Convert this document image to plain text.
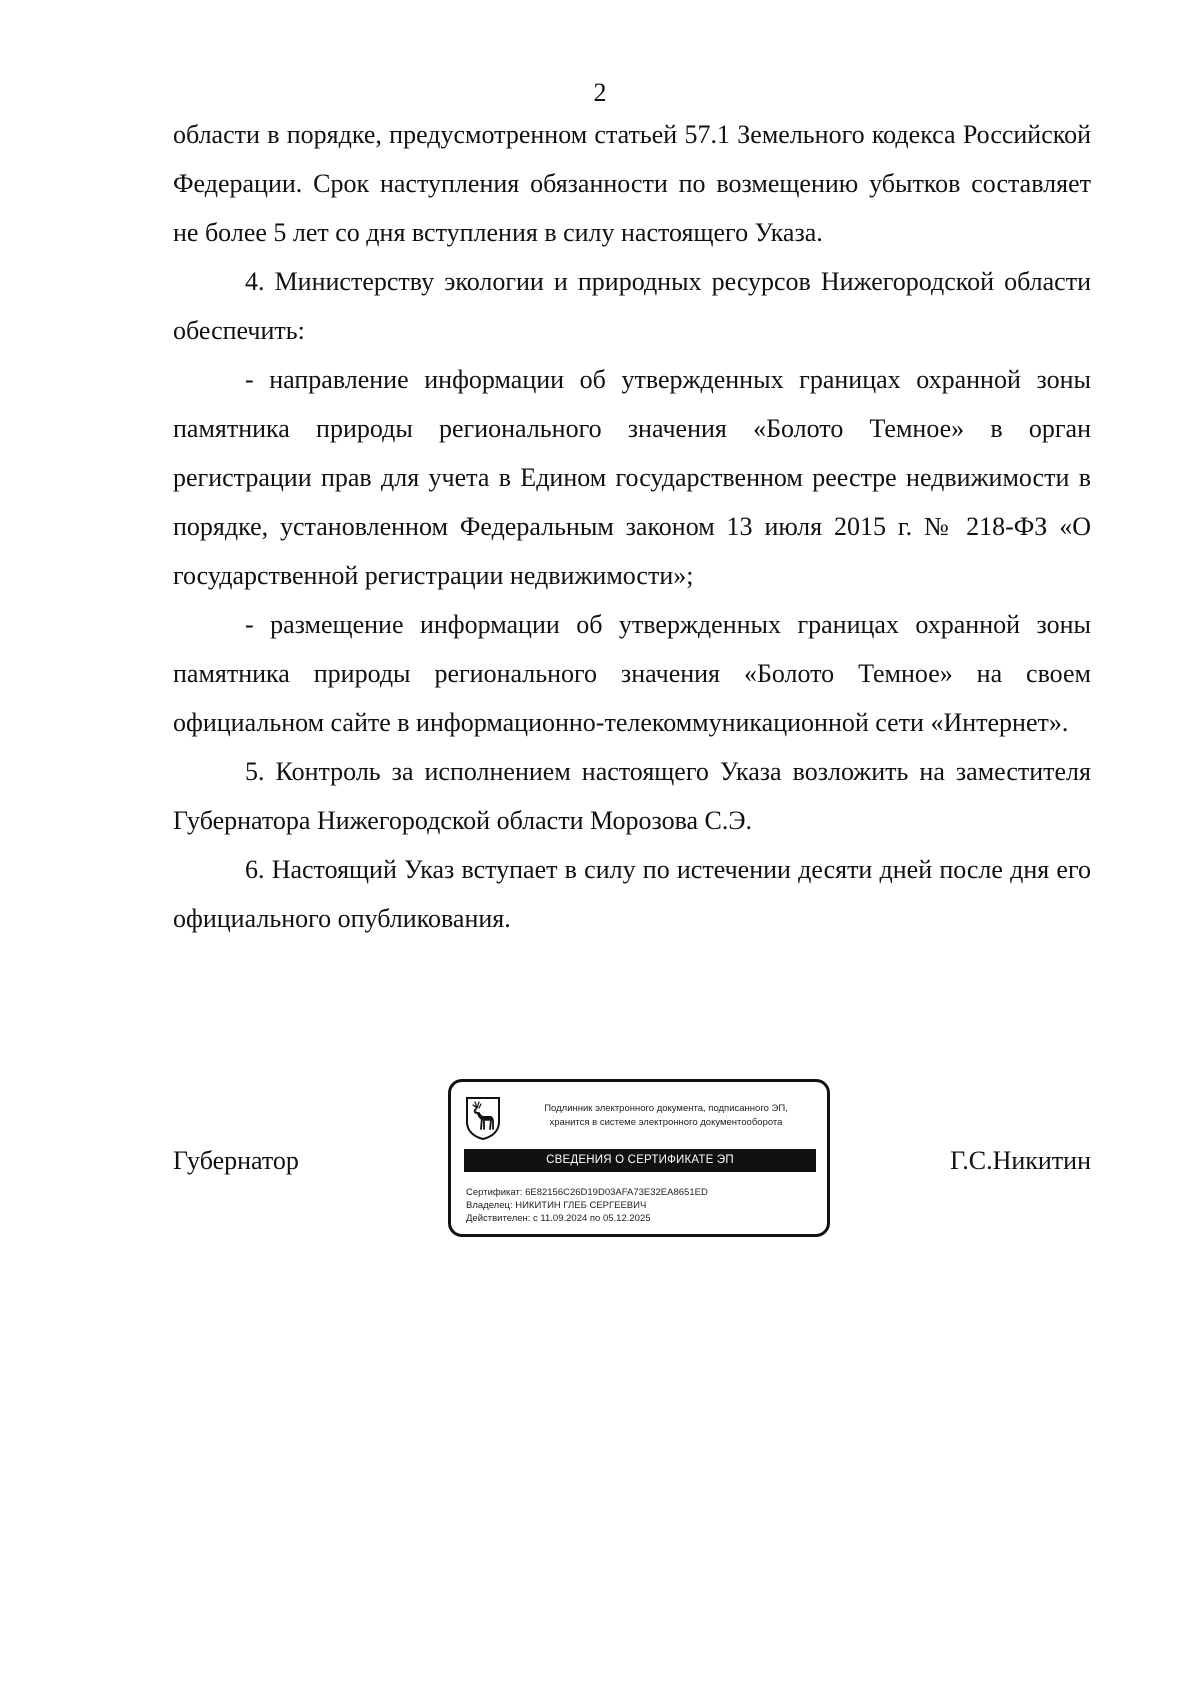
2

области в порядке, предусмотренном статьей 57.1 Земельного кодекса Российской Федерации. Срок наступления обязанности по возмещению убытков составляет не более 5 лет со дня вступления в силу настоящего Указа.

4. Министерству экологии и природных ресурсов Нижегородской области обеспечить:

- направление информации об утвержденных границах охранной зоны памятника природы регионального значения «Болото Темное» в орган регистрации прав для учета в Едином государственном реестре недвижимости в порядке, установленном Федеральным законом 13 июля 2015 г. № 218-ФЗ «О государственной регистрации недвижимости»;

- размещение информации об утвержденных границах охранной зоны памятника природы регионального значения «Болото Темное» на своем официальном сайте в информационно-телекоммуникационной сети «Интернет».

5. Контроль за исполнением настоящего Указа возложить на заместителя Губернатора Нижегородской области Морозова С.Э.

6. Настоящий Указ вступает в силу по истечении десяти дней после дня его официального опубликования.

Губернатор
Подлинник электронного документа, подписанного ЭП,
хранится в системе электронного документооборота
СВЕДЕНИЯ О СЕРТИФИКАТЕ ЭП
Сертификат: 6E82156C26D19D03AFA73E32EA8651ED
Владелец: НИКИТИН ГЛЕБ СЕРГЕЕВИЧ
Действителен: с 11.09.2024 по 05.12.2025
Г.С.Никитин
